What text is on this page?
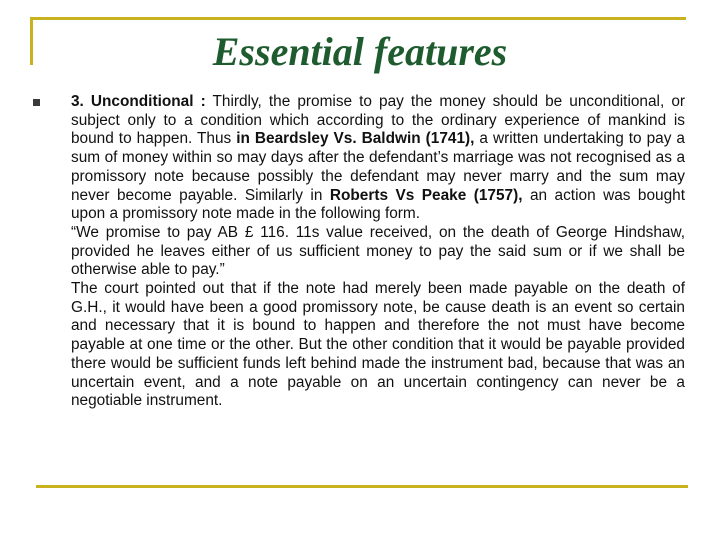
Essential features

3. Unconditional : Thirdly, the promise to pay the money should be unconditional, or subject only to a condition which according to the ordinary experience of mankind is bound to happen. Thus in Beardsley Vs. Baldwin (1741), a written undertaking to pay a sum of money within so may days after the defendant’s marriage was not recognised as a promissory note because possibly the defendant may never marry and the sum may never become payable. Similarly in Roberts Vs Peake (1757), an action was bought upon a promissory note made in the following form.

“We promise to pay AB £ 116. 11s value received, on the death of George Hindshaw, provided he leaves either of us sufficient money to pay the said sum or if we shall be otherwise able to pay.”

The court pointed out that if the note had merely been made payable on the death of G.H., it would have been a good promissory note, be cause death is an event so certain and necessary that it is bound to happen and therefore the not must have become payable at one time or the other. But the other condition that it would be payable provided there would be sufficient funds left behind made the instrument bad, because that was an uncertain event, and a note payable on an uncertain contingency can never be a negotiable instrument.
